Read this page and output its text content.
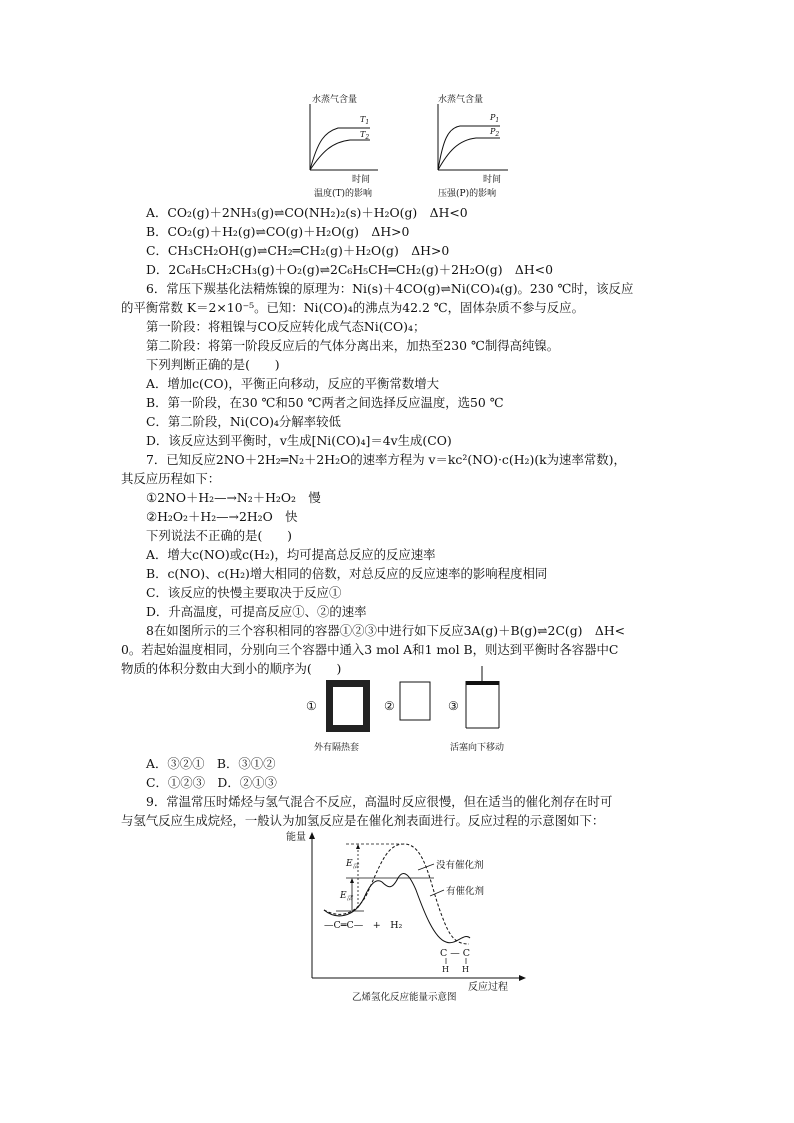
水蒸气含量
$T_1$
$T_2$
时间
温度(T)的影响
水蒸气含量
$P_1$
$P_2$
时间
压强(P)的影响
A．CO₂(g)＋2NH₃(g)⇌CO(NH₂)₂(s)＋H₂O(g)　ΔH<0
B．CO₂(g)＋H₂(g)⇌CO(g)＋H₂O(g)　ΔH>0
C．CH₃CH₂OH(g)⇌CH₂═CH₂(g)＋H₂O(g)　ΔH>0
D．2C₆H₅CH₂CH₃(g)＋O₂(g)⇌2C₆H₅CH═CH₂(g)＋2H₂O(g)　ΔH<0
6．常压下羰基化法精炼镍的原理为：Ni(s)＋4CO(g)⇌Ni(CO)₄(g)。230 ℃时，该反应
的平衡常数 K＝2×10⁻⁵。已知：Ni(CO)₄的沸点为42.2 ℃，固体杂质不参与反应。
第一阶段：将粗镍与CO反应转化成气态Ni(CO)₄；
第二阶段：将第一阶段反应后的气体分离出来，加热至230 ℃制得高纯镍。
下列判断正确的是(　　)
A．增加c(CO)，平衡正向移动，反应的平衡常数增大
B．第一阶段，在30 ℃和50 ℃两者之间选择反应温度，选50 ℃
C．第二阶段，Ni(CO)₄分解率较低
D．该反应达到平衡时，v生成[Ni(CO)₄]＝4v生成(CO)
7．已知反应2NO＋2H₂═N₂＋2H₂O的速率方程为 v＝kc²(NO)·c(H₂)(k为速率常数)，
其反应历程如下：
①2NO＋H₂—→N₂＋H₂O₂　慢
②H₂O₂＋H₂—→2H₂O　快
下列说法不正确的是(　　)
A．增大c(NO)或c(H₂)，均可提高总反应的反应速率
B．c(NO)、c(H₂)增大相同的倍数，对总反应的反应速率的影响程度相同
C．该反应的快慢主要取决于反应①
D．升高温度，可提高反应①、②的速率
8在如图所示的三个容积相同的容器①②③中进行如下反应3A(g)＋B(g)⇌2C(g)　ΔH<
0。若起始温度相同，分别向三个容器中通入3 mol A和1 mol B，则达到平衡时各容器中C
物质的体积分数由大到小的顺序为(　　)
①
外有隔热套
②	③
活塞向下移动
A．③②①　B．③①②
C．①②③　D．②①③
9．常温常压时烯烃与氢气混合不反应，高温时反应很慢，但在适当的催化剂存在时可
与氢气反应生成烷烃，一般认为加氢反应是在催化剂表面进行。反应过程的示意图如下：
能量
反应过程
$E_活$
$E_活$
没有催化剂
有催化剂
—C═C—　+　H₂
C — C
H H
乙烯氢化反应能量示意图
